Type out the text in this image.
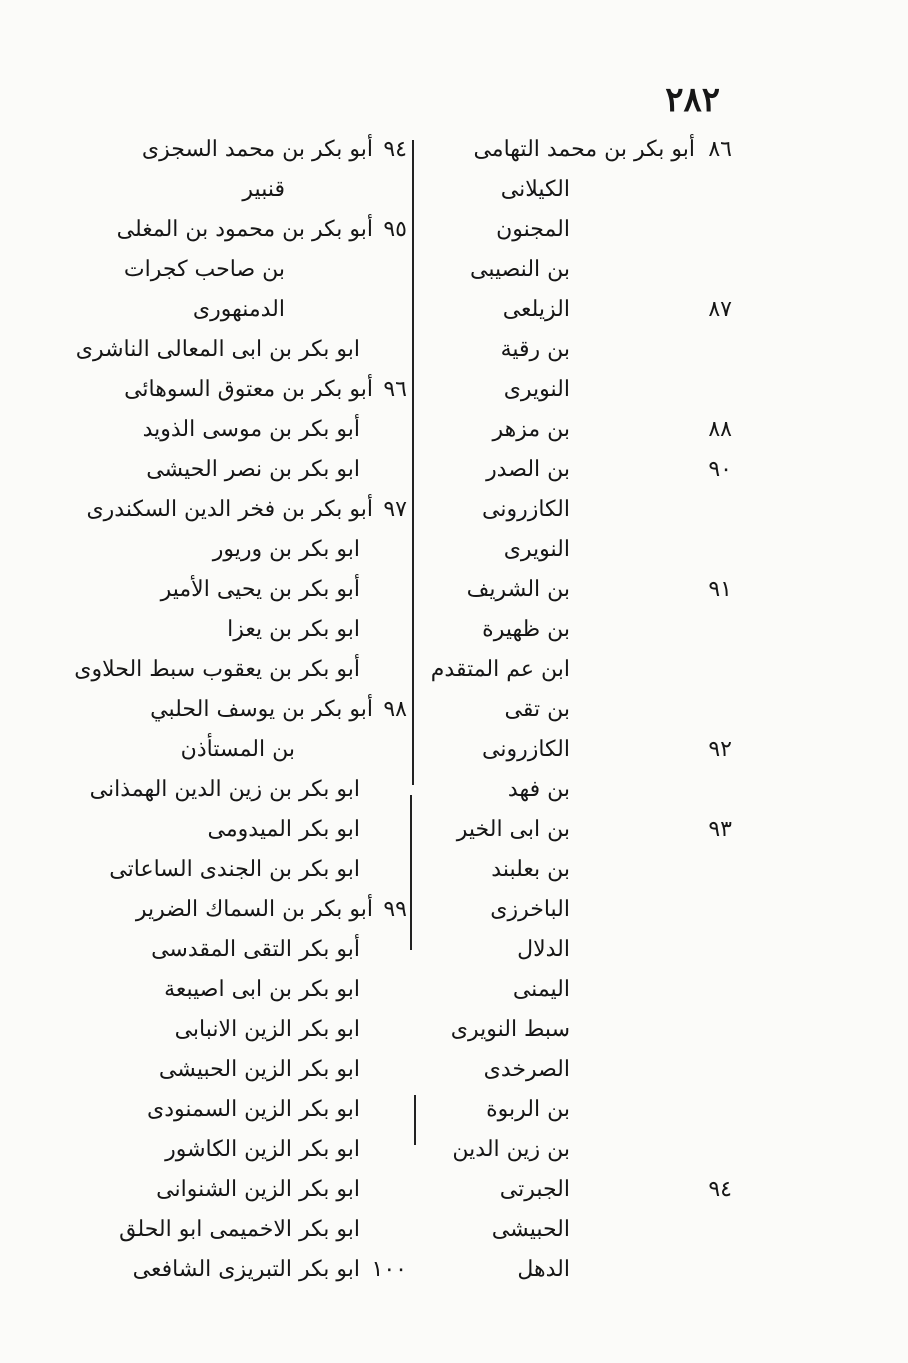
٢٨٢
٨٦
أبو بكر بن محمد التهامى
الكيلانى
المجنون
بن النصيبى
٨٧
الزيلعى
بن رقية
النويرى
٨٨
بن مزهر
٩٠
بن الصدر
الكازرونى
النويرى
٩١
بن الشريف
بن ظهيرة
ابن عم المتقدم
بن تقى
٩٢
الكازرونى
بن فهد
٩٣
بن ابى الخير
بن بعلبند
الباخرزى
الدلال
اليمنى
سبط النويرى
الصرخدى
بن الربوة
بن زين الدين
٩٤
الجبرتى
الحبيشى
الدهل
٩٤
أبو بكر بن محمد السجزى
قنبير
٩٥
أبو بكر بن محمود بن المغلى
بن صاحب كجرات
الدمنهورى
ابو بكر بن ابى المعالى الناشرى
٩٦
أبو بكر بن معتوق السوهائى
أبو بكر بن موسى الذويد
ابو بكر بن نصر الحيشى
٩٧
أبو بكر بن فخر الدين السكندرى
ابو بكر بن وريور
أبو بكر بن يحيى الأمير
ابو بكر بن يعزا
أبو بكر بن يعقوب سبط الحلاوى
٩٨
أبو بكر بن يوسف الحلبي
بن المستأذن
ابو بكر بن زين الدين الهمذانى
ابو بكر الميدومى
ابو بكر بن الجندى الساعاتى
٩٩
أبو بكر بن السماك الضرير
أبو بكر التقى المقدسى
ابو بكر بن ابى اصيبعة
ابو بكر الزين الانبابى
ابو بكر الزين الحبيشى
ابو بكر الزين السمنودى
ابو بكر الزين الكاشور
ابو بكر الزين الشنوانى
ابو بكر الاخميمى ابو الحلق
١٠٠
ابو بكر التبريزى الشافعى
